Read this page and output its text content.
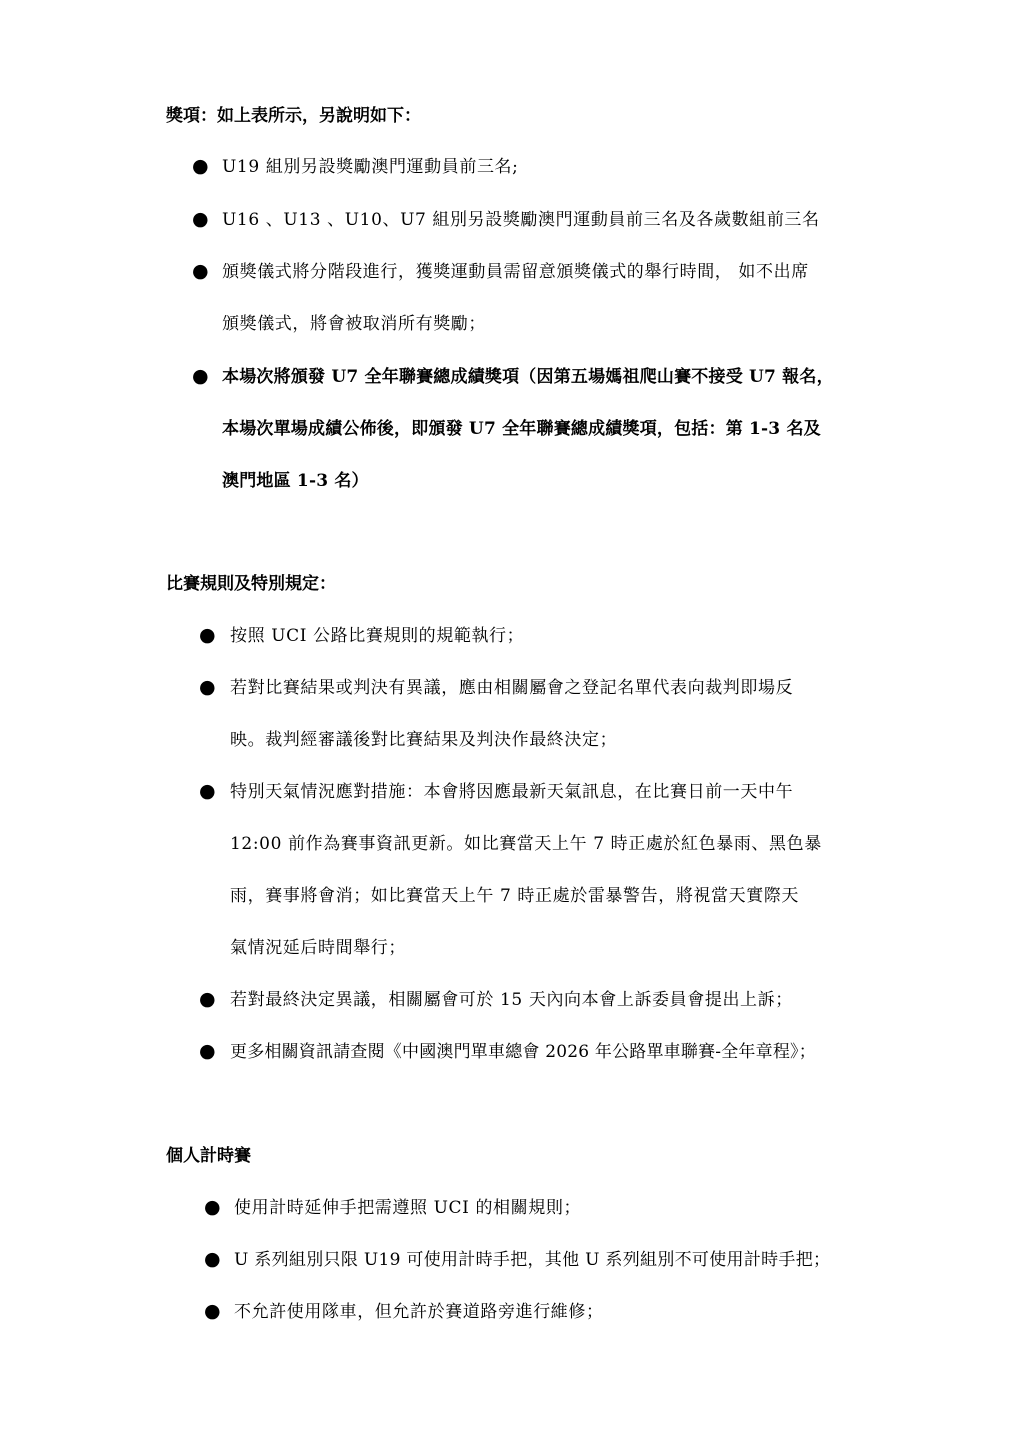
獎項：如上表所示，另說明如下：
● U19 組別另設獎勵澳門運動員前三名;
● U16 、U13 、U10、U7 組別另設獎勵澳門運動員前三名及各歲數組前三名
● 頒獎儀式將分階段進行，獲獎運動員需留意頒獎儀式的舉行時間， 如不出席
頒獎儀式，將會被取消所有獎勵；
● 本場次將頒發 U7 全年聯賽總成績獎項（因第五場媽祖爬山賽不接受 U7 報名，
本場次單場成績公佈後，即頒發 U7 全年聯賽總成績獎項，包括：第 1-3 名及
澳門地區 1-3 名）
比賽規則及特別規定：
● 按照 UCI 公路比賽規則的規範執行；
● 若對比賽結果或判決有異議，應由相關屬會之登記名單代表向裁判即場反
映。裁判經審議後對比賽結果及判決作最終決定；
● 特別天氣情況應對措施：本會將因應最新天氣訊息，在比賽日前一天中午
12:00 前作為賽事資訊更新。如比賽當天上午 7 時正處於紅色暴雨、黑色暴
雨，賽事將會消；如比賽當天上午 7 時正處於雷暴警告，將視當天實際天
氣情況延后時間舉行；
● 若對最終決定異議，相關屬會可於 15 天內向本會上訴委員會提出上訴；
● 更多相關資訊請查閱《中國澳門單車總會 2026 年公路單車聯賽-全年章程》；
個人計時賽
● 使用計時延伸手把需遵照 UCI 的相關規則；
● U 系列組別只限 U19 可使用計時手把，其他 U 系列組別不可使用計時手把；
● 不允許使用隊車，但允許於賽道路旁進行維修；
